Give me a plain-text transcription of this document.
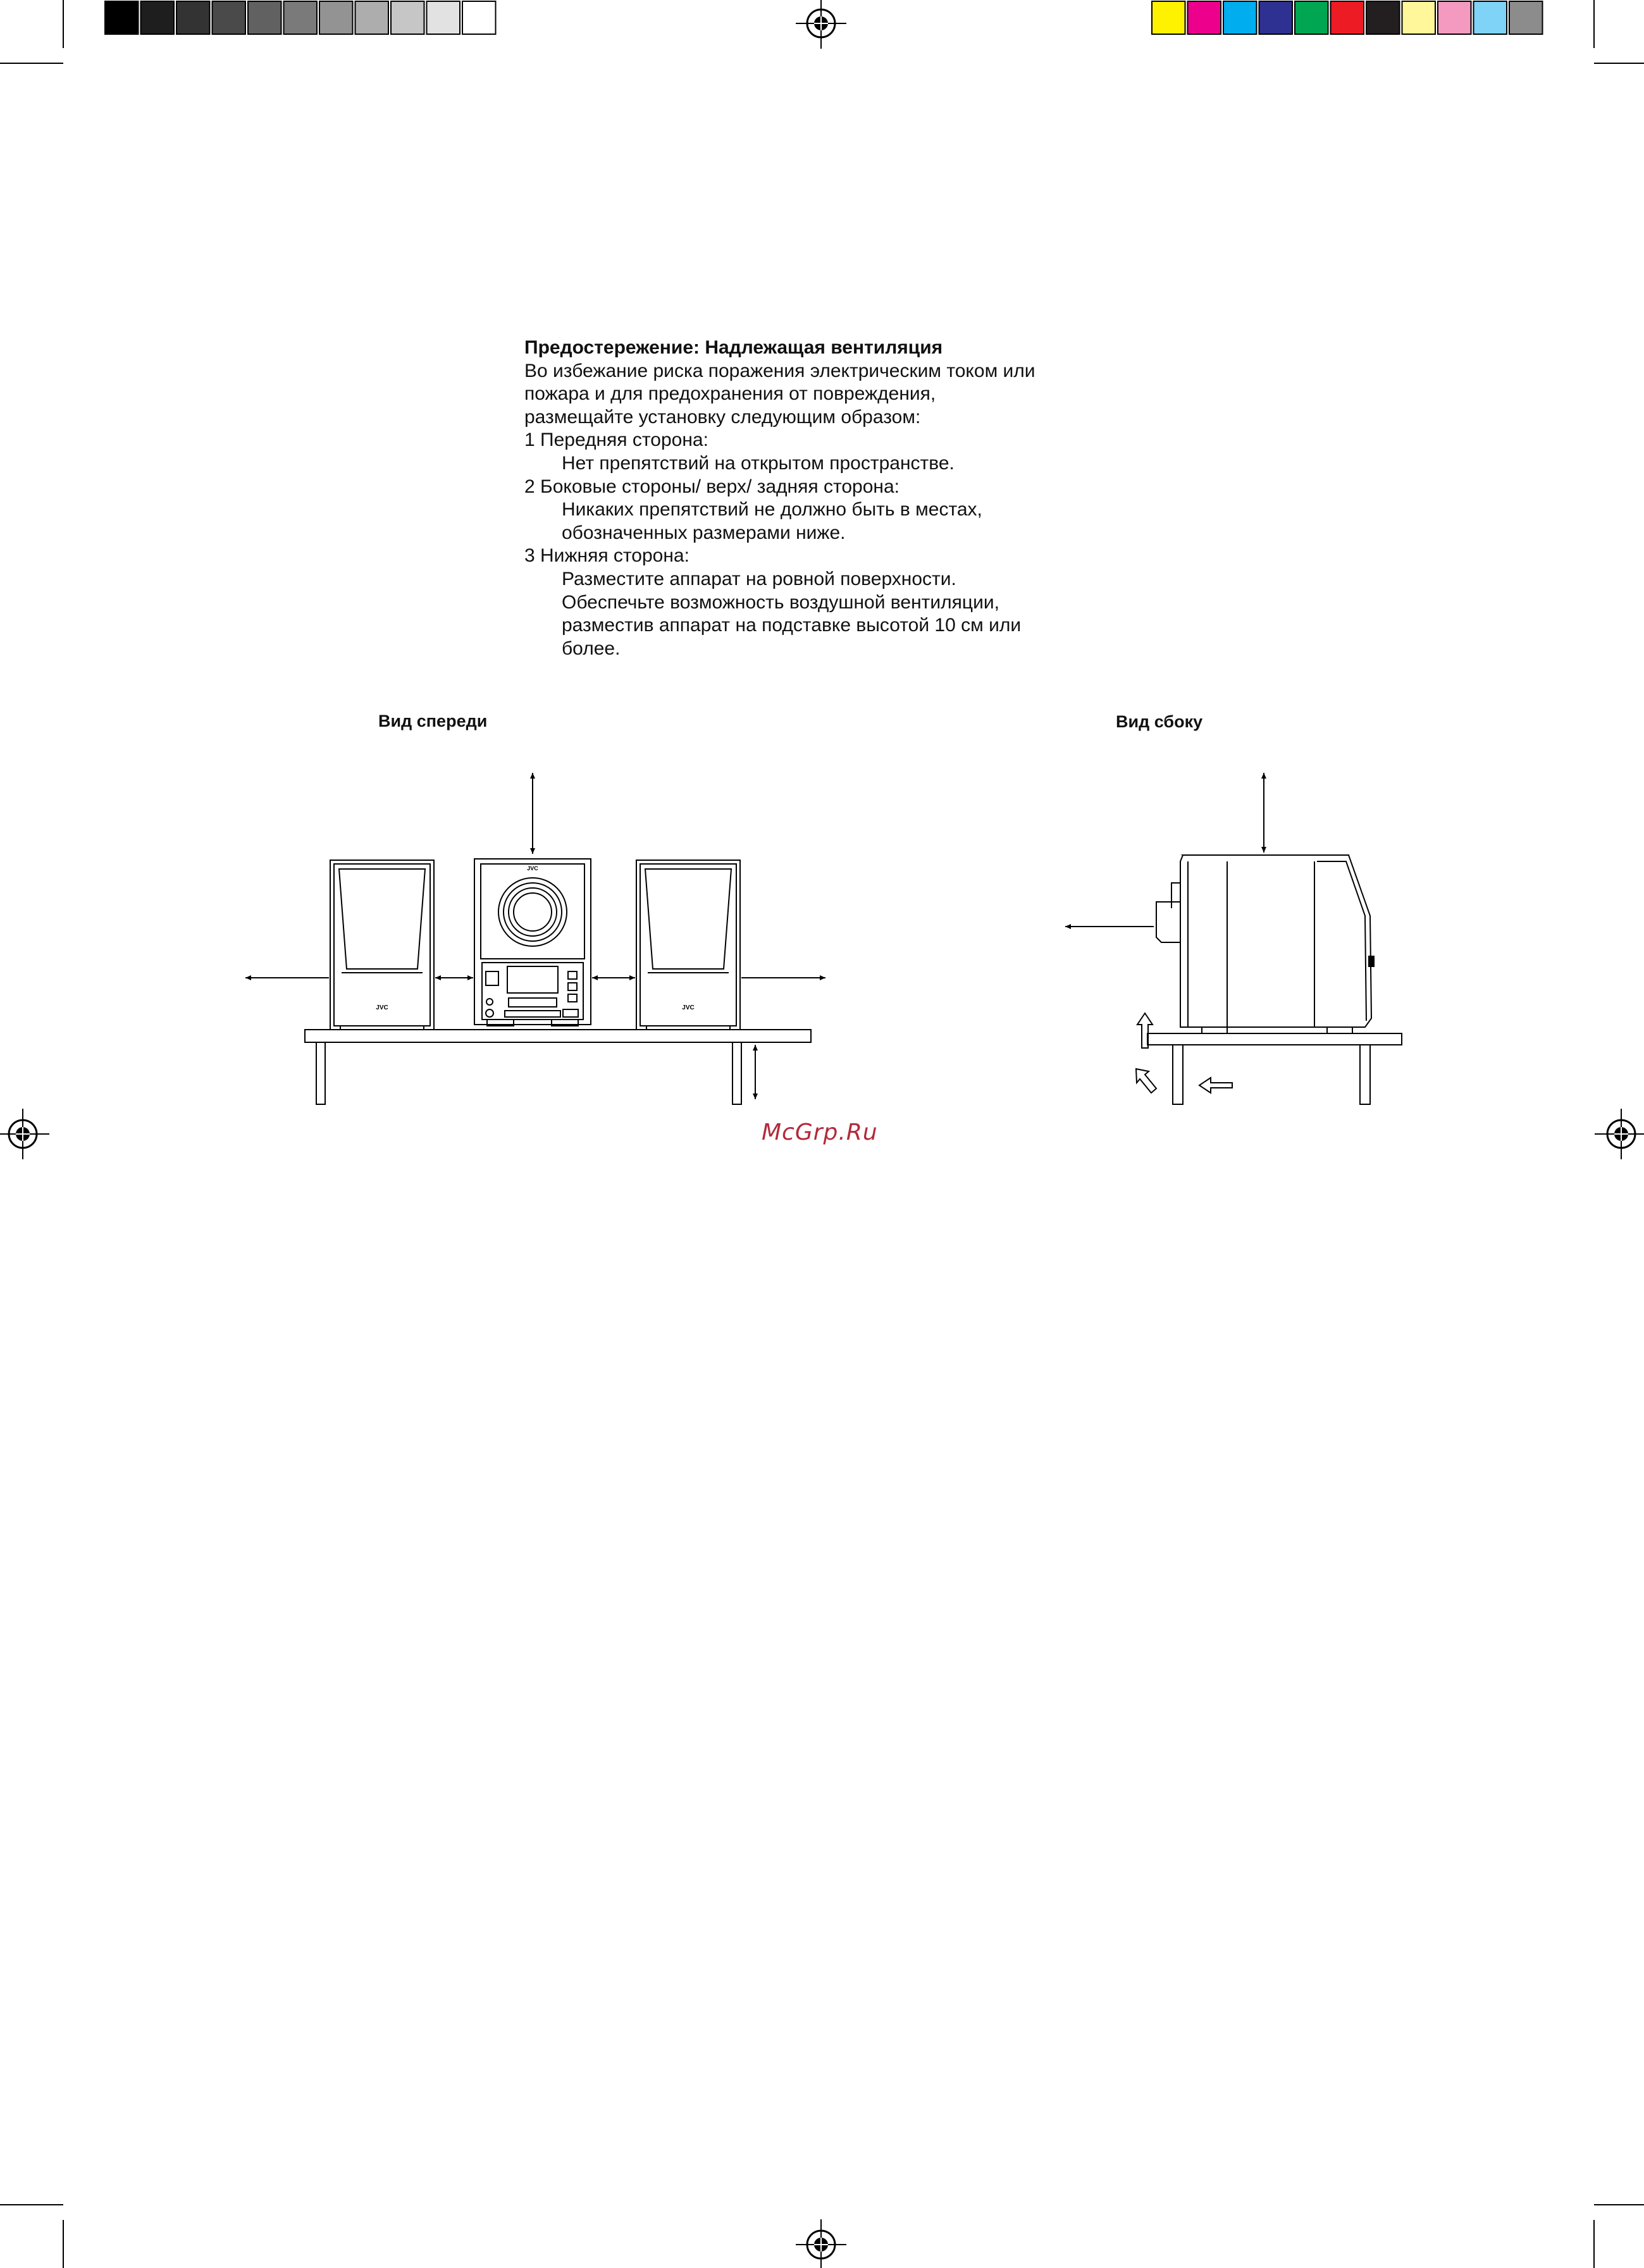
Предостережение: Надлежащая вентиляция
Во избежание риска поражения электрическим током или
пожара и для предохранения от повреждения,
размещайте установку следующим образом:
1 Передняя сторона:
Нет препятствий на открытом пространстве.
2 Боковые стороны/ верх/ задняя сторона:
Никаких препятствий не должно быть в местах,
обозначенных размерами ниже.
3 Нижняя сторона:
Разместите аппарат на ровной поверхности.
Обеспечьте возможность воздушной вентиляции,
разместив аппарат на подставке высотой 10 см или
более.
Вид спереди	Вид сбоку
JVC	JVC
JVC
McGrp.Ru
